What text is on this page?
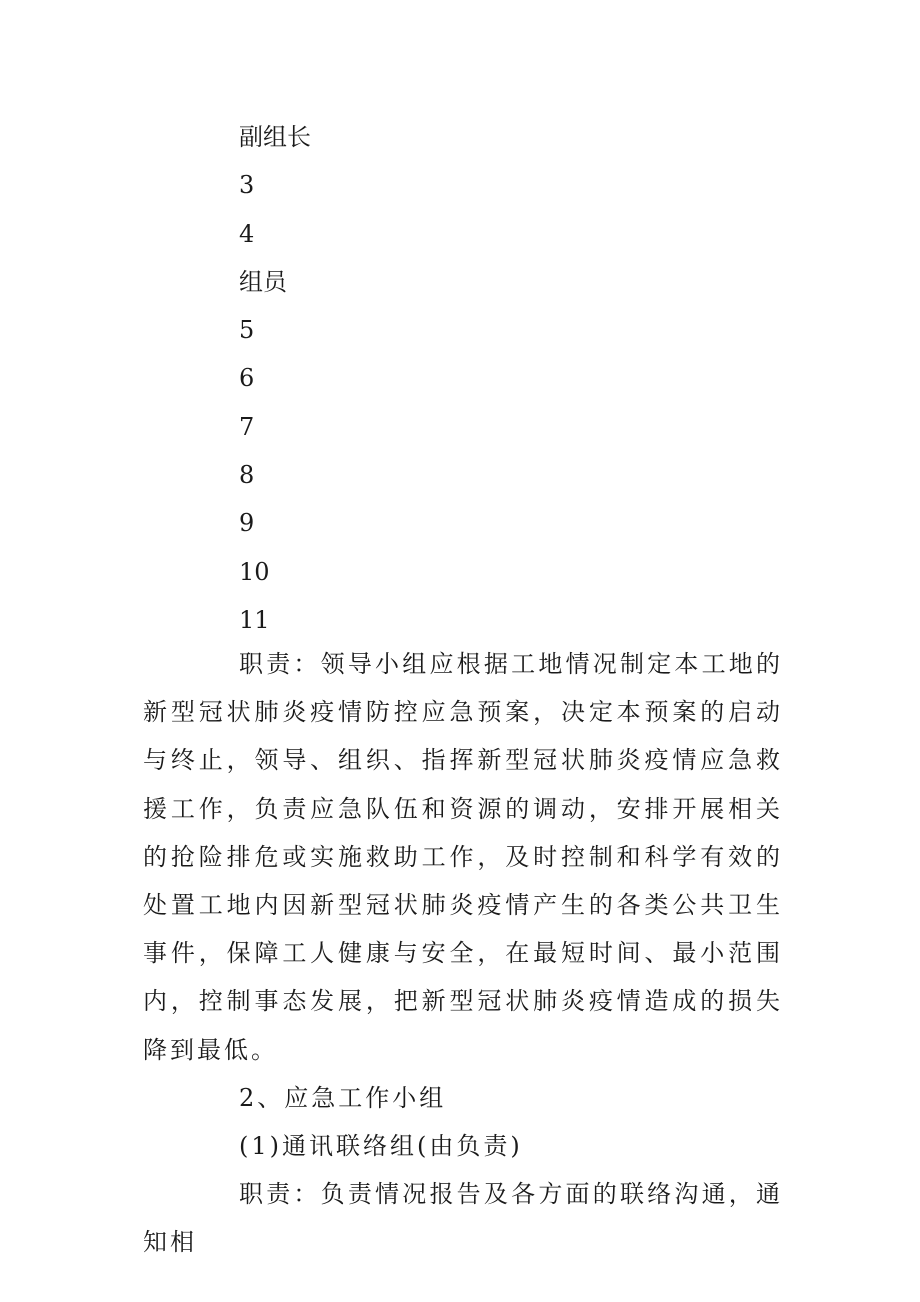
副组长
3
4
组员
5
6
7
8
9
10
11

职责：领导小组应根据工地情况制定本工地的新型冠状肺炎疫情防控应急预案，决定本预案的启动与终止，领导、组织、指挥新型冠状肺炎疫情应急救援工作，负责应急队伍和资源的调动，安排开展相关的抢险排危或实施救助工作，及时控制和科学有效的处置工地内因新型冠状肺炎疫情产生的各类公共卫生事件，保障工人健康与安全，在最短时间、最小范围内，控制事态发展，把新型冠状肺炎疫情造成的损失降到最低。

2、应急工作小组

(1)通讯联络组(由负责)

职责：负责情况报告及各方面的联络沟通，通知相
